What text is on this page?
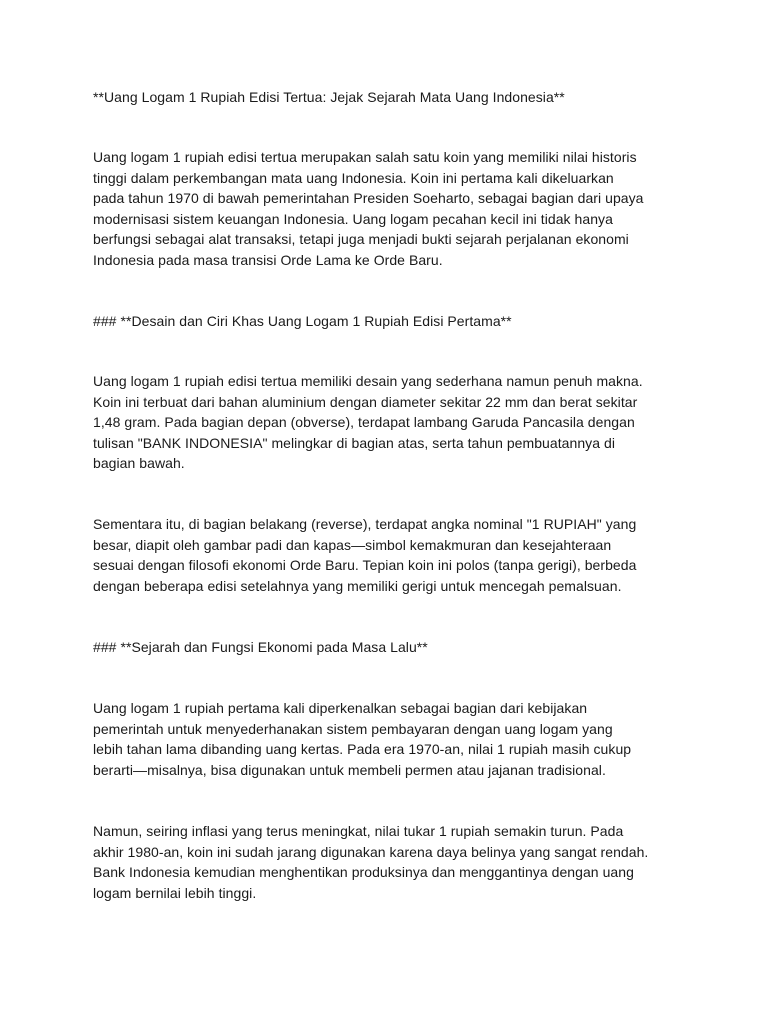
**Uang Logam 1 Rupiah Edisi Tertua: Jejak Sejarah Mata Uang Indonesia**

Uang logam 1 rupiah edisi tertua merupakan salah satu koin yang memiliki nilai historis
tinggi dalam perkembangan mata uang Indonesia. Koin ini pertama kali dikeluarkan
pada tahun 1970 di bawah pemerintahan Presiden Soeharto, sebagai bagian dari upaya
modernisasi sistem keuangan Indonesia. Uang logam pecahan kecil ini tidak hanya
berfungsi sebagai alat transaksi, tetapi juga menjadi bukti sejarah perjalanan ekonomi
Indonesia pada masa transisi Orde Lama ke Orde Baru.

### **Desain dan Ciri Khas Uang Logam 1 Rupiah Edisi Pertama**

Uang logam 1 rupiah edisi tertua memiliki desain yang sederhana namun penuh makna.
Koin ini terbuat dari bahan aluminium dengan diameter sekitar 22 mm dan berat sekitar
1,48 gram. Pada bagian depan (obverse), terdapat lambang Garuda Pancasila dengan
tulisan "BANK INDONESIA" melingkar di bagian atas, serta tahun pembuatannya di
bagian bawah.

Sementara itu, di bagian belakang (reverse), terdapat angka nominal "1 RUPIAH" yang
besar, diapit oleh gambar padi dan kapas—simbol kemakmuran dan kesejahteraan
sesuai dengan filosofi ekonomi Orde Baru. Tepian koin ini polos (tanpa gerigi), berbeda
dengan beberapa edisi setelahnya yang memiliki gerigi untuk mencegah pemalsuan.

### **Sejarah dan Fungsi Ekonomi pada Masa Lalu**

Uang logam 1 rupiah pertama kali diperkenalkan sebagai bagian dari kebijakan
pemerintah untuk menyederhanakan sistem pembayaran dengan uang logam yang
lebih tahan lama dibanding uang kertas. Pada era 1970-an, nilai 1 rupiah masih cukup
berarti—misalnya, bisa digunakan untuk membeli permen atau jajanan tradisional.

Namun, seiring inflasi yang terus meningkat, nilai tukar 1 rupiah semakin turun. Pada
akhir 1980-an, koin ini sudah jarang digunakan karena daya belinya yang sangat rendah.
Bank Indonesia kemudian menghentikan produksinya dan menggantinya dengan uang
logam bernilai lebih tinggi.
